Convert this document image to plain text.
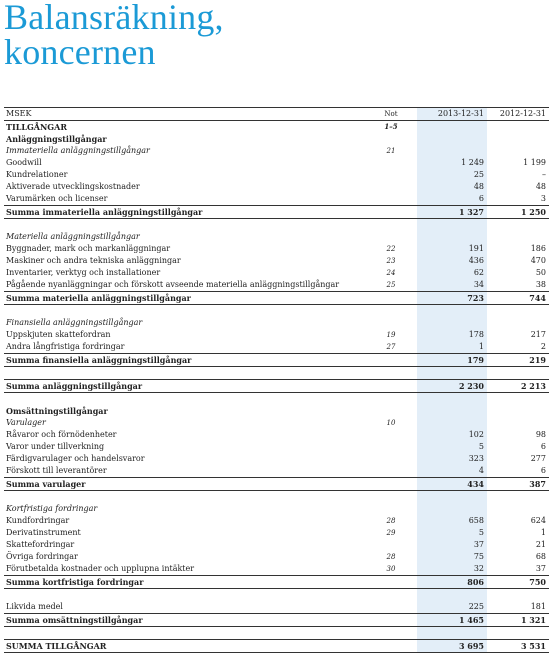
Balansräkning,
koncernen
MSEK	Not	2013-12-31	2012-12-31
TILLGÅNGAR	1–5		
Anläggningstillgångar			
Immateriella anläggningstillgångar	21		
Goodwill		1 249	1 199
Kundrelationer		25	–
Aktiverade utvecklingskostnader		48	48
Varumärken och licenser		6	3
Summa immateriella anläggningstillgångar		1 327	1 250

Materiella anläggningstillgångar			
Byggnader, mark och markanläggningar	22	191	186
Maskiner och andra tekniska anläggningar	23	436	470
Inventarier, verktyg och installationer	24	62	50
Pågående nyanläggningar och förskott avseende materiella anläggningstillgångar	25	34	38
Summa materiella anläggningstillgångar		723	744

Finansiella anläggningstillgångar			
Uppskjuten skattefordran	19	178	217
Andra långfristiga fordringar	27	1	2
Summa finansiella anläggningstillgångar		179	219

Summa anläggningstillgångar		2 230	2 213

Omsättningstillgångar			
Varulager	10		
Råvaror och förnödenheter		102	98
Varor under tillverkning		5	6
Färdigvarulager och handelsvaror		323	277
Förskott till leverantörer		4	6
Summa varulager		434	387

Kortfristiga fordringar			
Kundfordringar	28	658	624
Derivatinstrument	29	5	1
Skattefordringar		37	21
Övriga fordringar	28	75	68
Förutbetalda kostnader och upplupna intäkter	30	32	37
Summa kortfristiga fordringar		806	750

Likvida medel		225	181
Summa omsättningstillgångar		1 465	1 321

SUMMA TILLGÅNGAR		3 695	3 531
